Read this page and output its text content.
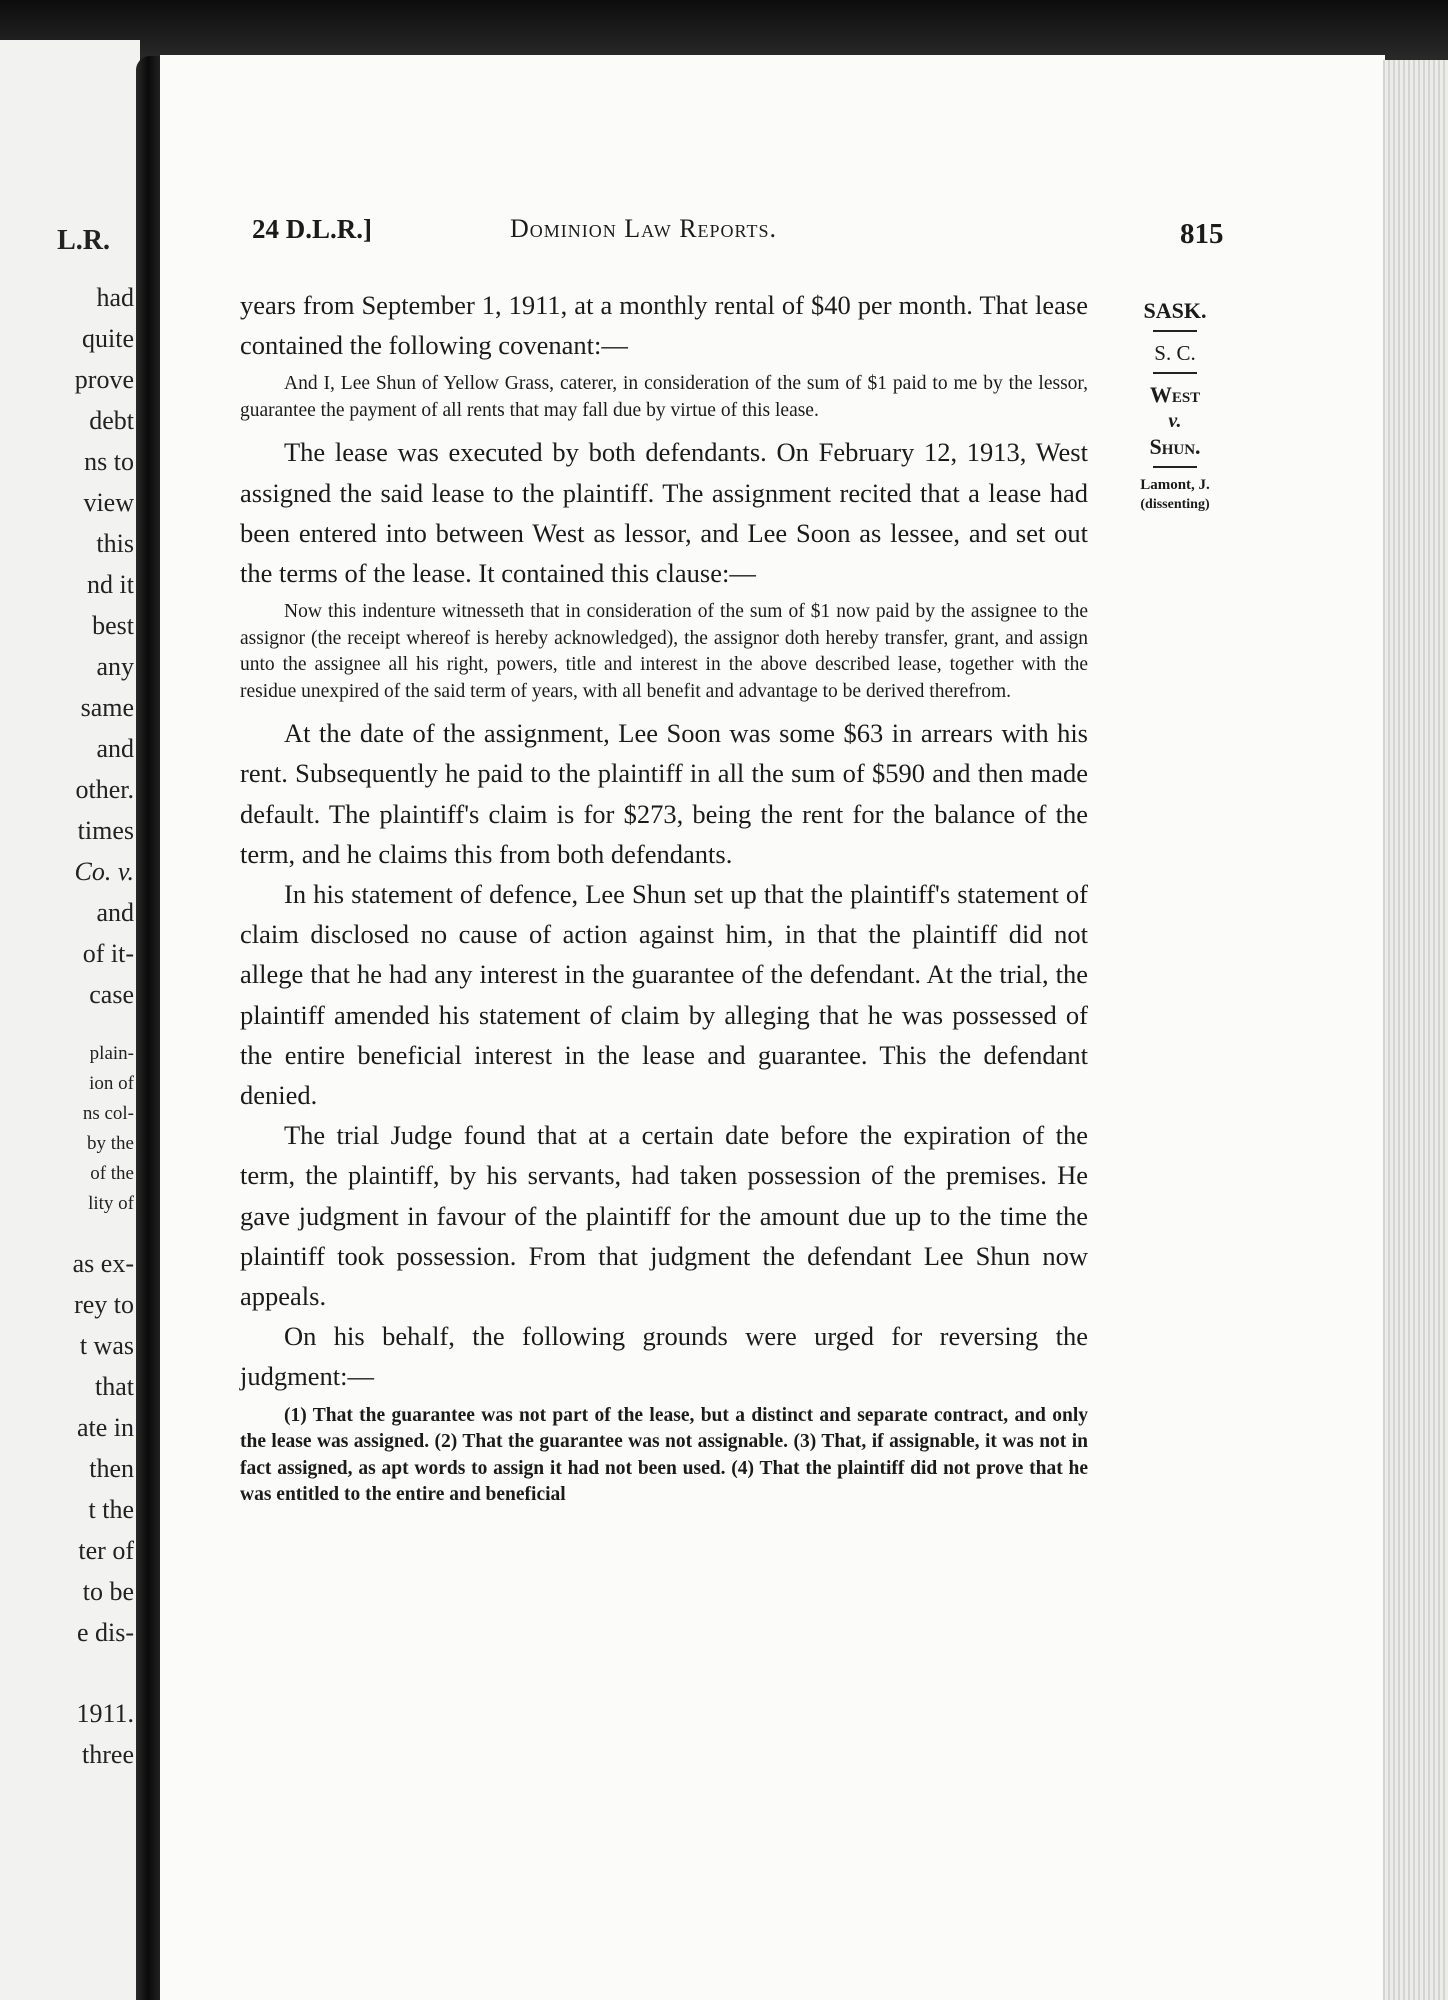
L.R.
had
quite
prove
debt
ns to
view
this
nd it
best
any
same
and
other.
times
Co. v.
and
of it-
case
plain-
ion of
ns col-
by the
of the
lity of
as ex-
rey to
t was
that
ate in
then
t the
ter of
to be
e dis-
1911.
three
24 D.L.R.]	Dominion Law Reports.	815
SASK.
S. C.
West
v.
Shun.
Lamont, J.
(dissenting)

years from September 1, 1911, at a monthly rental of $40 per month. That lease contained the following covenant:—

And I, Lee Shun of Yellow Grass, caterer, in consideration of the sum of $1 paid to me by the lessor, guarantee the payment of all rents that may fall due by virtue of this lease.

The lease was executed by both defendants. On February 12, 1913, West assigned the said lease to the plaintiff. The assignment recited that a lease had been entered into between West as lessor, and Lee Soon as lessee, and set out the terms of the lease. It contained this clause:—

Now this indenture witnesseth that in consideration of the sum of $1 now paid by the assignee to the assignor (the receipt whereof is hereby acknowledged), the assignor doth hereby transfer, grant, and assign unto the assignee all his right, powers, title and interest in the above described lease, together with the residue unexpired of the said term of years, with all benefit and advantage to be derived therefrom.

At the date of the assignment, Lee Soon was some $63 in arrears with his rent. Subsequently he paid to the plaintiff in all the sum of $590 and then made default. The plaintiff's claim is for $273, being the rent for the balance of the term, and he claims this from both defendants.

In his statement of defence, Lee Shun set up that the plaintiff's statement of claim disclosed no cause of action against him, in that the plaintiff did not allege that he had any interest in the guarantee of the defendant. At the trial, the plaintiff amended his statement of claim by alleging that he was possessed of the entire beneficial interest in the lease and guarantee. This the defendant denied.

The trial Judge found that at a certain date before the expiration of the term, the plaintiff, by his servants, had taken possession of the premises. He gave judgment in favour of the plaintiff for the amount due up to the time the plaintiff took possession. From that judgment the defendant Lee Shun now appeals.

On his behalf, the following grounds were urged for reversing the judgment:—

(1) That the guarantee was not part of the lease, but a distinct and separate contract, and only the lease was assigned. (2) That the guarantee was not assignable. (3) That, if assignable, it was not in fact assigned, as apt words to assign it had not been used. (4) That the plaintiff did not prove that he was entitled to the entire and beneficial
